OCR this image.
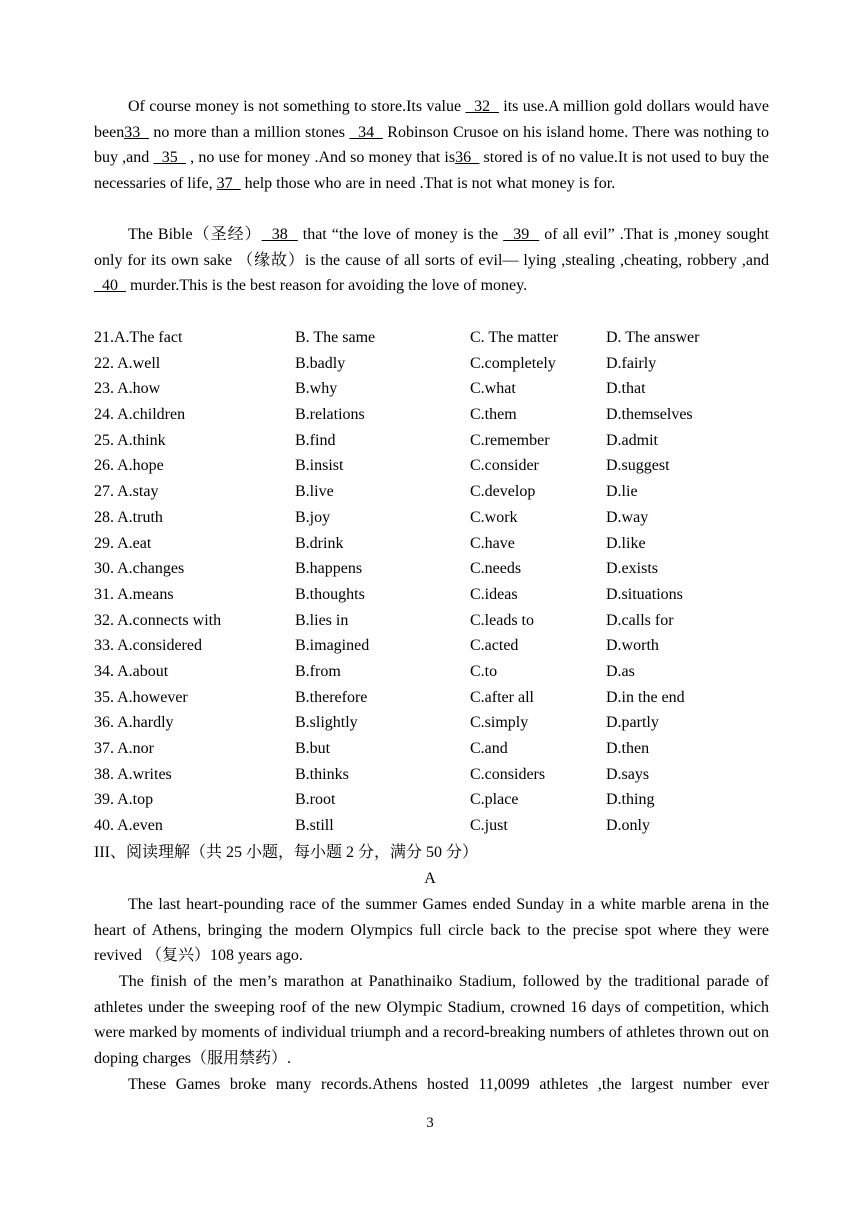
Of course money is not something to store.Its value   32   its use.A million gold dollars would have been33   no more than a million stones   34   Robinson Crusoe on his island home. There was nothing to buy ,and   35   , no use for money .And so money that is36   stored is of no value.It is not used to buy the necessaries of life, 37   help those who are in need .That is not what money is for.

The Bible（圣经）  38   that “the love of money is the   39   of all evil” .That is ,money sought only for its own sake （缘故）is the cause of all sorts of evil— lying ,stealing ,cheating, robbery ,and  40   murder.This is the best reason for avoiding the love of money.

21.A.The fact	B. The same	C. The matter	D. The answer
22. A.well	B.badly	C.completely	D.fairly
23. A.how	B.why	C.what	D.that
24. A.children	B.relations	C.them	D.themselves
25. A.think	B.find	C.remember	D.admit
26. A.hope	B.insist	C.consider	D.suggest
27. A.stay	B.live	C.develop	D.lie
28. A.truth	B.joy	C.work	D.way
29. A.eat	B.drink	C.have	D.like
30. A.changes	B.happens	C.needs	D.exists
31. A.means	B.thoughts	C.ideas	D.situations
32. A.connects with	B.lies in	C.leads to	D.calls for
33. A.considered	B.imagined	C.acted	D.worth
34. A.about	B.from	C.to	D.as
35. A.however	B.therefore	C.after all	D.in the end
36. A.hardly	B.slightly	C.simply	D.partly
37. A.nor	B.but	C.and	D.then
38. A.writes	B.thinks	C.considers	D.says
39. A.top	B.root	C.place	D.thing
40. A.even	B.still	C.just	D.only
III、阅读理解（共 25 小题，每小题 2 分，满分 50 分）
A

The last heart-pounding race of the summer Games ended Sunday in a white marble arena in the heart of Athens, bringing the modern Olympics full circle back to the precise spot where they were revived （复兴）108 years ago.

The finish of the men’s marathon at Panathinaiko Stadium, followed by the traditional parade of athletes under the sweeping roof of the new Olympic Stadium, crowned 16 days of competition, which were marked by moments of individual triumph and a record-breaking numbers of athletes thrown out on doping charges（服用禁药）.

These Games broke many records.Athens hosted 11,0099 athletes ,the largest number ever

3
